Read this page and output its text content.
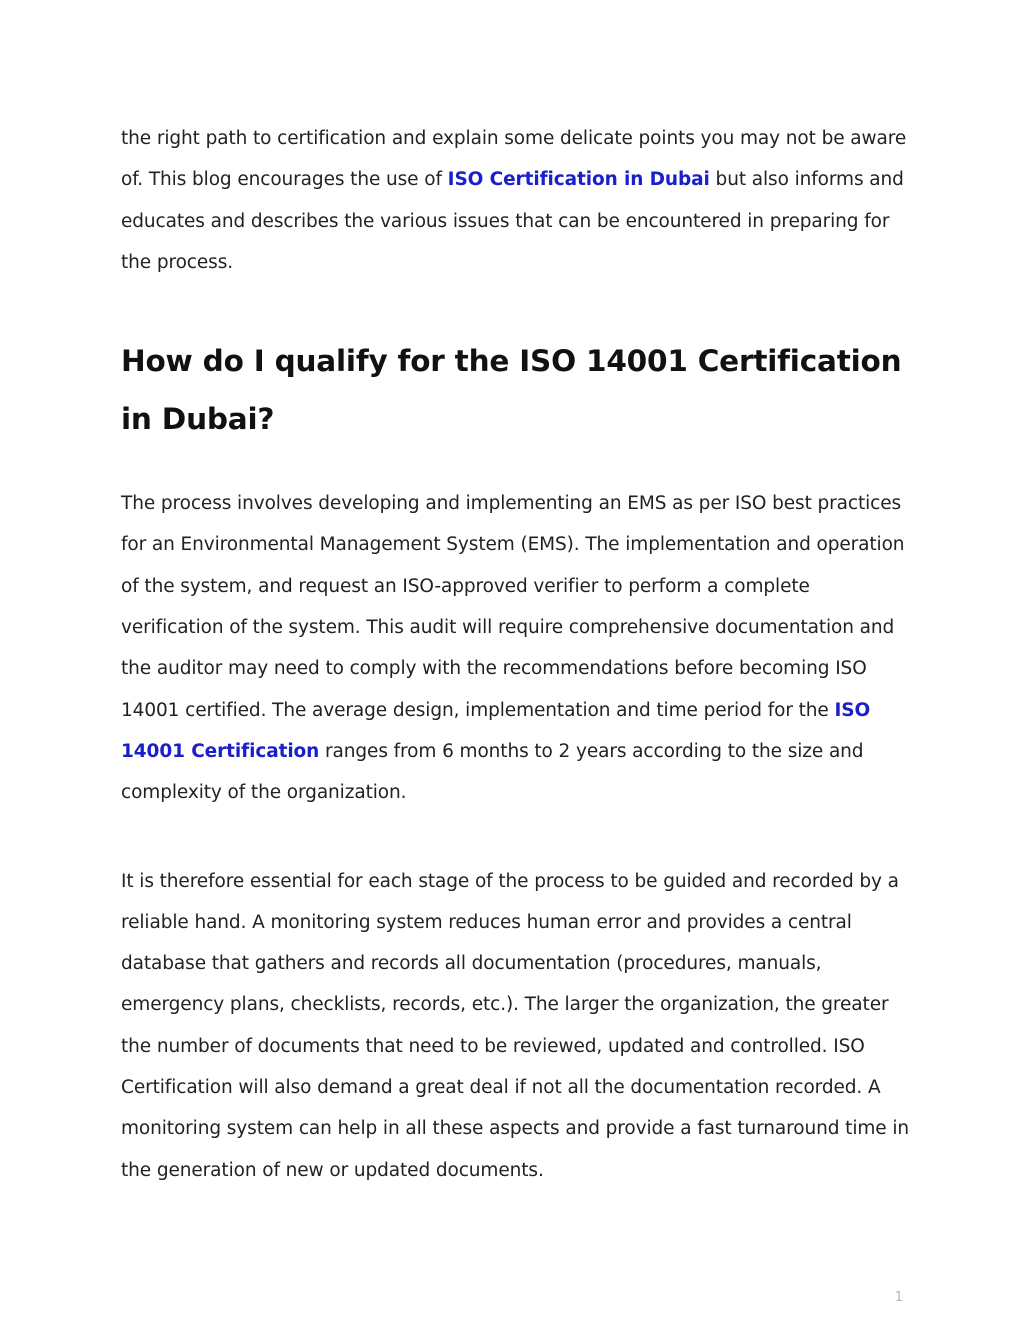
the right path to certification and explain some delicate points you may not be aware of. This blog encourages the use of ISO Certification in Dubai but also informs and educates and describes the various issues that can be encountered in preparing for the process.

How do I qualify for the ISO 14001 Certification in Dubai?

The process involves developing and implementing an EMS as per ISO best practices for an Environmental Management System (EMS). The implementation and operation of the system, and request an ISO-approved verifier to perform a complete verification of the system. This audit will require comprehensive documentation and the auditor may need to comply with the recommendations before becoming ISO 14001 certified. The average design, implementation and time period for the ISO 14001 Certification ranges from 6 months to 2 years according to the size and complexity of the organization.

It is therefore essential for each stage of the process to be guided and recorded by a reliable hand. A monitoring system reduces human error and provides a central database that gathers and records all documentation (procedures, manuals, emergency plans, checklists, records, etc.). The larger the organization, the greater the number of documents that need to be reviewed, updated and controlled. ISO Certification will also demand a great deal if not all the documentation recorded. A monitoring system can help in all these aspects and provide a fast turnaround time in the generation of new or updated documents.

1
